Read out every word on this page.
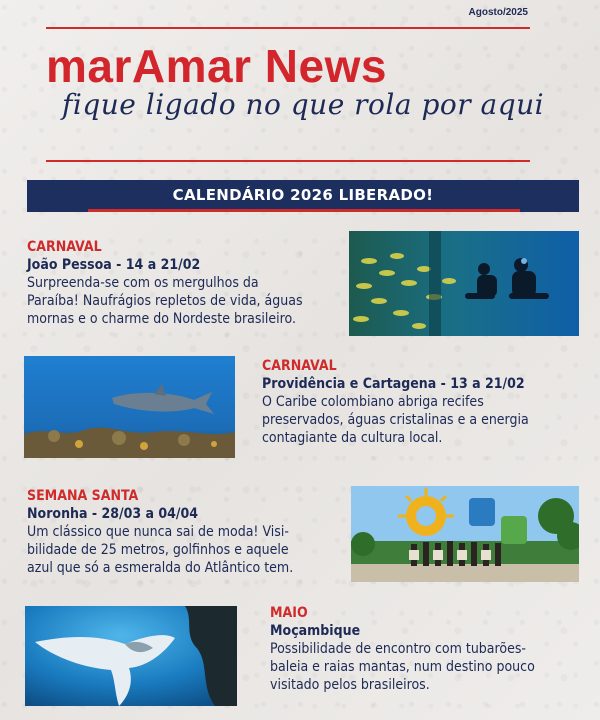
Agosto/2025
marAmar News
fique ligado no que rola por aqui
CALENDÁRIO 2026 LIBERADO!
CARNAVAL
João Pessoa - 14 a 21/02
Surpreenda-se com os mergulhos da
Paraíba! Naufrágios repletos de vida, águas
mornas e o charme do Nordeste brasileiro.
CARNAVAL
Providência e Cartagena - 13 a 21/02
O Caribe colombiano abriga recifes
preservados, águas cristalinas e a energia
contagiante da cultura local.
SEMANA SANTA
Noronha - 28/03 a 04/04
Um clássico que nunca sai de moda! Visi-
bilidade de 25 metros, golfinhos e aquele
azul que só a esmeralda do Atlântico tem.
MAIO
Moçambique
Possibilidade de encontro com tubarões-
baleia e raias mantas, num destino pouco
visitado pelos brasileiros.
